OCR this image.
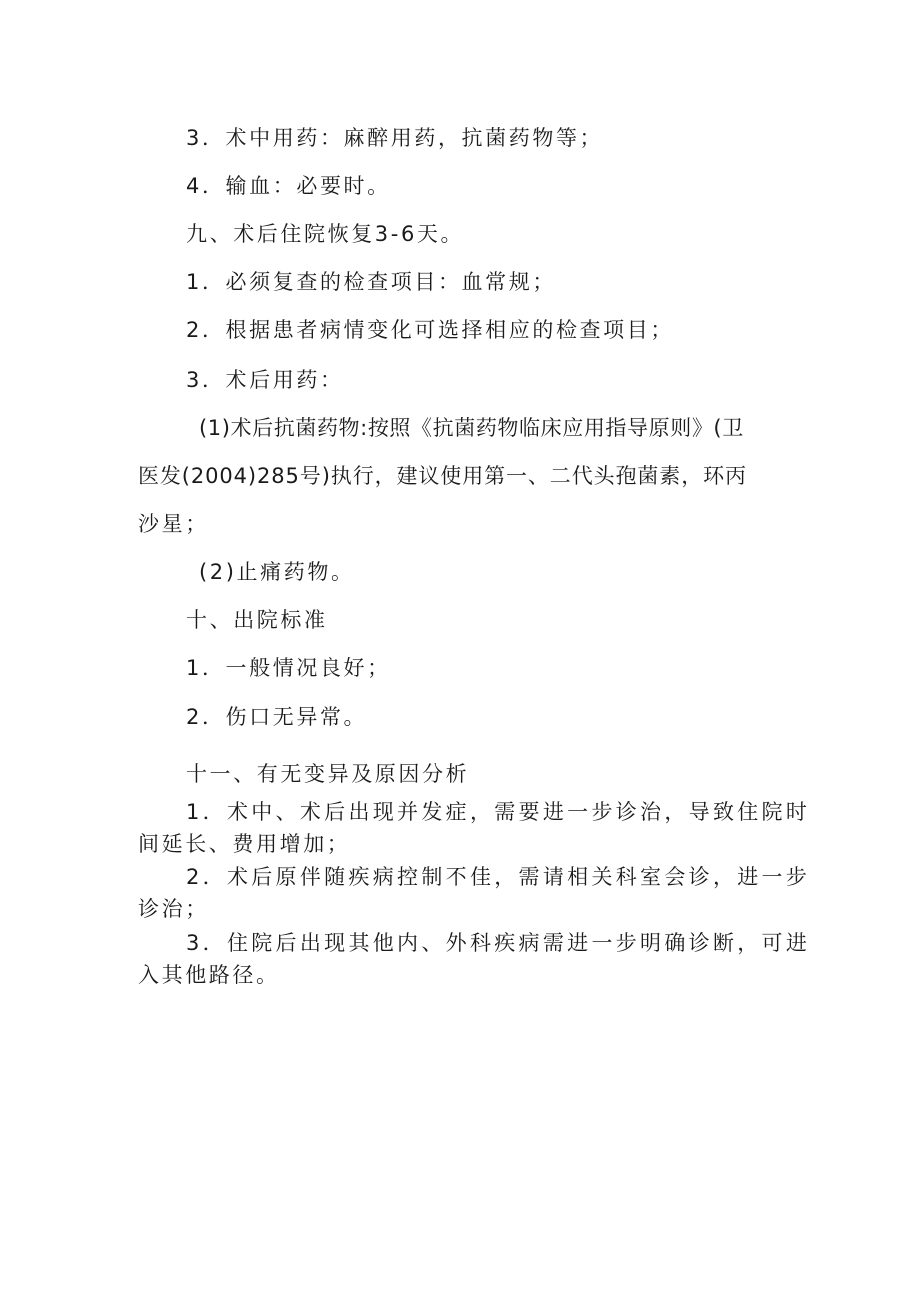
3．术中用药：麻醉用药，抗菌药物等；
4．输血：必要时。
九、术后住院恢复3-6天。
1．必须复查的检查项目：血常规；
2．根据患者病情变化可选择相应的检查项目；
3．术后用药：
(1)术后抗菌药物:按照《抗菌药物临床应用指导原则》(卫
医发(2004)285号)执行，建议使用第一、二代头孢菌素，环丙
沙星；
(2)止痛药物。
十、出院标准
1．一般情况良好；
2．伤口无异常。
十一、有无变异及原因分析
1．术中、术后出现并发症，需要进一步诊治，导致住院时
间延长、费用增加；
2．术后原伴随疾病控制不佳，需请相关科室会诊，进一步
诊治；
3．住院后出现其他内、外科疾病需进一步明确诊断，可进
入其他路径。
